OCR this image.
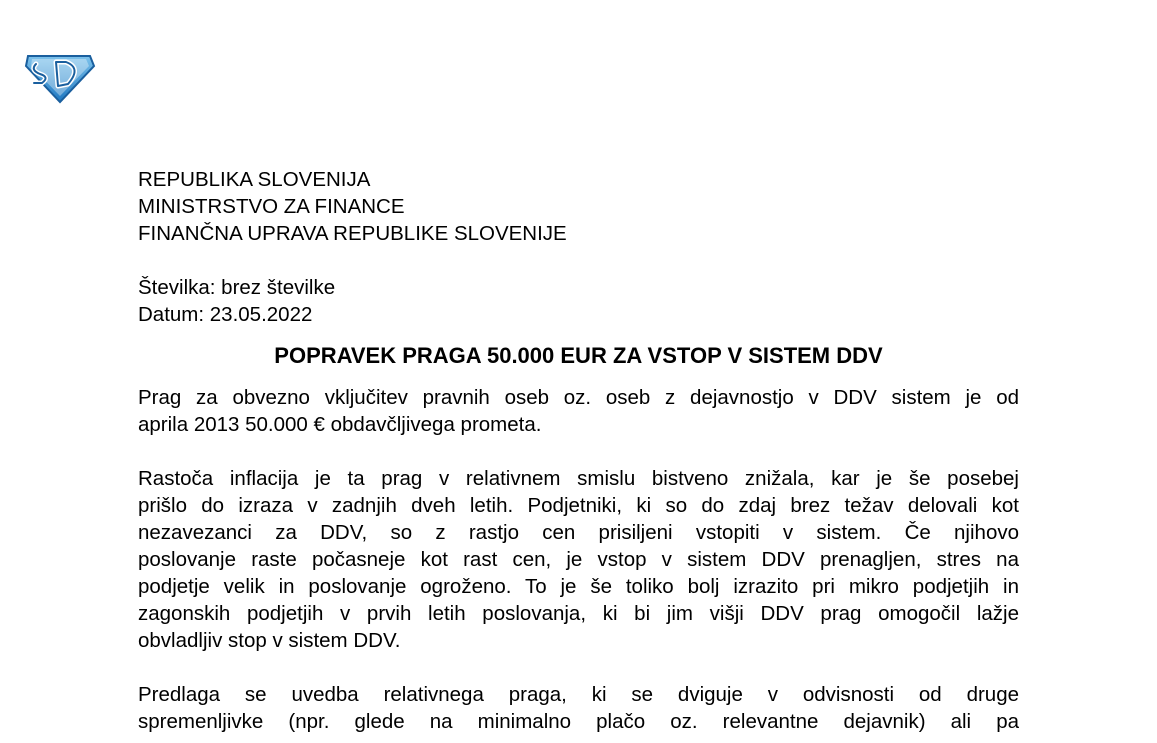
REPUBLIKA SLOVENIJA
MINISTRSTVO ZA FINANCE
FINANČNA UPRAVA REPUBLIKE SLOVENIJE
Številka: brez številke
Datum: 23.05.2022
POPRAVEK PRAGA 50.000 EUR ZA VSTOP V SISTEM DDV
Prag za obvezno vključitev pravnih oseb oz. oseb z dejavnostjo v DDV sistem je od
aprila 2013 50.000 € obdavčljivega prometa.
Rastoča inflacija je ta prag v relativnem smislu bistveno znižala, kar je še posebej
prišlo do izraza v zadnjih dveh letih. Podjetniki, ki so do zdaj brez težav delovali kot
nezavezanci za DDV, so z rastjo cen prisiljeni vstopiti v sistem. Če njihovo
poslovanje raste počasneje kot rast cen, je vstop v sistem DDV prenagljen, stres na
podjetje velik in poslovanje ogroženo. To je še toliko bolj izrazito pri mikro podjetjih in
zagonskih podjetjih v prvih letih poslovanja, ki bi jim višji DDV prag omogočil lažje
obvladljiv stop v sistem DDV.
Predlaga se uvedba relativnega praga, ki se dviguje v odvisnosti od druge
spremenljivke (npr. glede na minimalno plačo oz. relevantne dejavnik) ali pa
